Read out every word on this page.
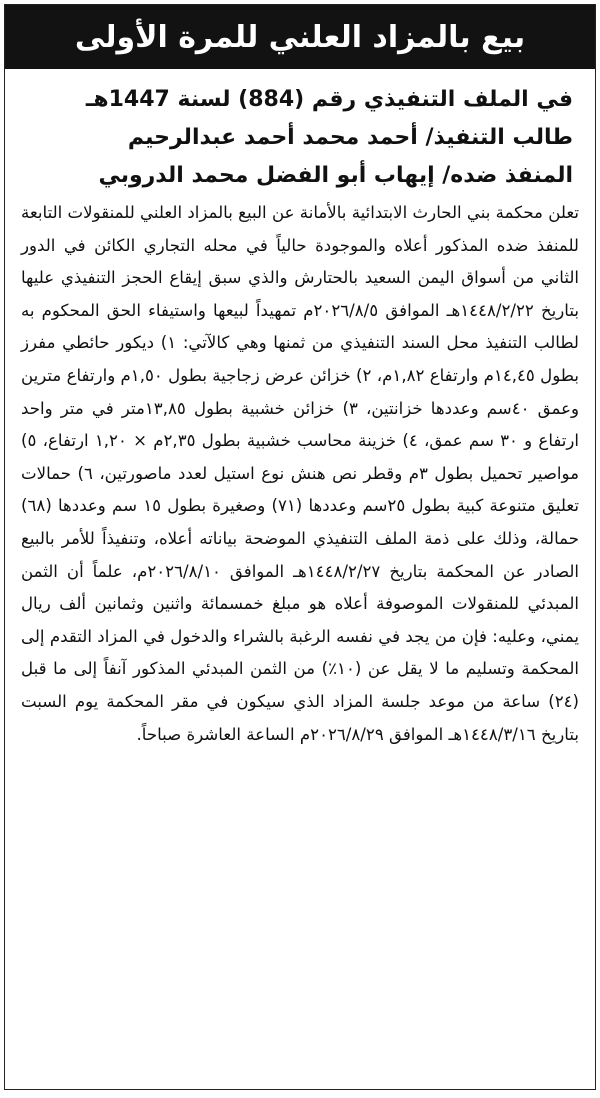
بيع بالمزاد العلني للمرة الأولى
في الملف التنفيذي رقم (884) لسنة 1447هـ
طالب التنفيذ/ أحمد محمد أحمد عبدالرحيم
المنفذ ضده/ إيهاب أبو الفضل محمد الدروبي
تعلن محكمة بني الحارث الابتدائية بالأمانة عن البيع بالمزاد العلني للمنقولات التابعة للمنفذ ضده المذكور أعلاه والموجودة حالياً في محله التجاري الكائن في الدور الثاني من أسواق اليمن السعيد بالحتارش والذي سبق إيقاع الحجز التنفيذي عليها بتاريخ ١٤٤٨/٢/٢٢هـ الموافق ٢٠٢٦/٨/٥م تمهيداً لبيعها واستيفاء الحق المحكوم به لطالب التنفيذ محل السند التنفيذي من ثمنها وهي كالآتي: ١) ديكور حائطي مفرز بطول ١٤,٤٥م وارتفاع ١,٨٢م، ٢) خزائن عرض زجاجية بطول ١,٥٠م وارتفاع مترين وعمق ٤٠سم وعددها خزانتين، ٣) خزائن خشبية بطول ١٣,٨٥متر في متر واحد ارتفاع و ٣٠ سم عمق، ٤) خزينة محاسب خشبية بطول ٢,٣٥م × ١,٢٠ ارتفاع، ٥) مواصير تحميل بطول ٣م وقطر نص هنش نوع استيل لعدد ماصورتين، ٦) حمالات تعليق متنوعة كبية بطول ٢٥سم وعددها (٧١) وصغيرة بطول ١٥ سم وعددها (٦٨) حمالة، وذلك على ذمة الملف التنفيذي الموضحة بياناته أعلاه، وتنفيذاً للأمر بالبيع الصادر عن المحكمة بتاريخ ١٤٤٨/٢/٢٧هـ الموافق ٢٠٢٦/٨/١٠م، علماً أن الثمن المبدئي للمنقولات الموصوفة أعلاه هو مبلغ خمسمائة واثنين وثمانين ألف ريال يمني، وعليه: فإن من يجد في نفسه الرغبة بالشراء والدخول في المزاد التقدم إلى المحكمة وتسليم ما لا يقل عن (١٠٪) من الثمن المبدئي المذكور آنفاً إلى ما قبل (٢٤) ساعة من موعد جلسة المزاد الذي سيكون في مقر المحكمة يوم السبت بتاريخ ١٤٤٨/٣/١٦هـ الموافق ٢٠٢٦/٨/٢٩م الساعة العاشرة صباحاً.
